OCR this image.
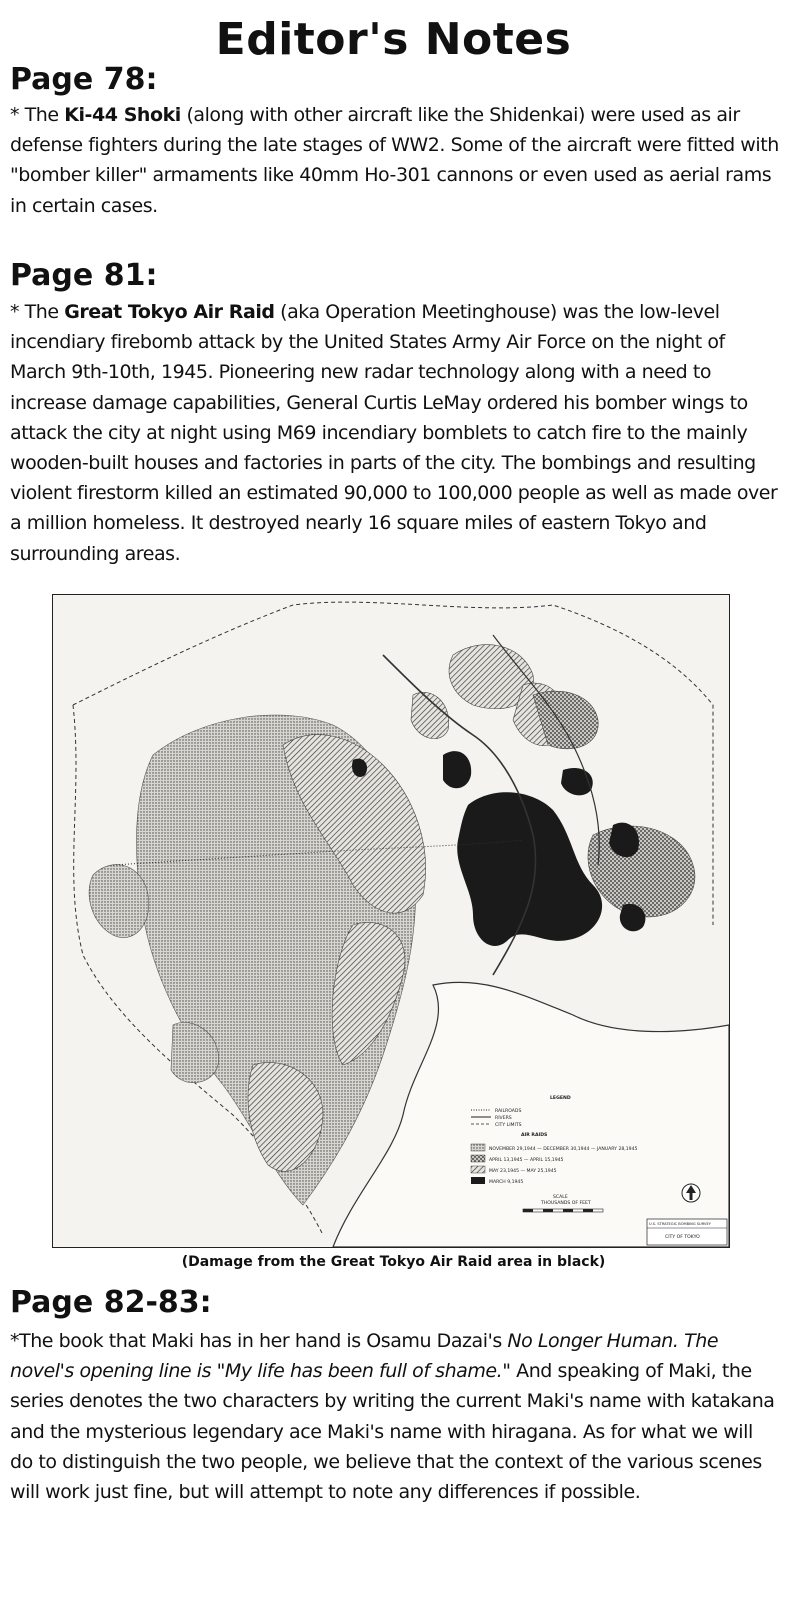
Editor's Notes
Page 78:
* The Ki-44 Shoki (along with other aircraft like the Shidenkai) were used as air defense fighters during the late stages of WW2. Some of the aircraft were fitted with "bomber killer" armaments like 40mm Ho-301 cannons or even used as aerial rams in certain cases.
Page 81:
* The Great Tokyo Air Raid (aka Operation Meetinghouse) was the low-level incendiary firebomb attack by the United States Army Air Force on the night of March 9th-10th, 1945. Pioneering new radar technology along with a need to increase damage capabilities, General Curtis LeMay ordered his bomber wings to attack the city at night using M69 incendiary bomblets to catch fire to the mainly wooden-built houses and factories in parts of the city. The bombings and resulting violent firestorm killed an estimated 90,000 to 100,000 people as well as made over a million homeless. It destroyed nearly 16 square miles of eastern Tokyo and surrounding areas.
LEGEND
RAILROADS
RIVERS
CITY LIMITS
AIR RAIDS
NOVEMBER 29,1944 — DECEMBER 30,1944 — JANUARY 28,1945
APRIL 13,1945 — APRIL 15,1945
MAY 23,1945 — MAY 25,1945
MARCH 9,1945
SCALE
THOUSANDS OF FEET
U.S. STRATEGIC BOMBING SURVEY
CITY OF TOKYO
(Damage from the Great Tokyo Air Raid area in black)
Page 82-83:
*The book that Maki has in her hand is Osamu Dazai's No Longer Human. The novel's opening line is "My life has been full of shame." And speaking of Maki, the series denotes the two characters by writing the current Maki's name with katakana and the mysterious legendary ace Maki's name with hiragana. As for what we will do to distinguish the two people, we believe that the context of the various scenes will work just fine, but will attempt to note any differences if possible.
